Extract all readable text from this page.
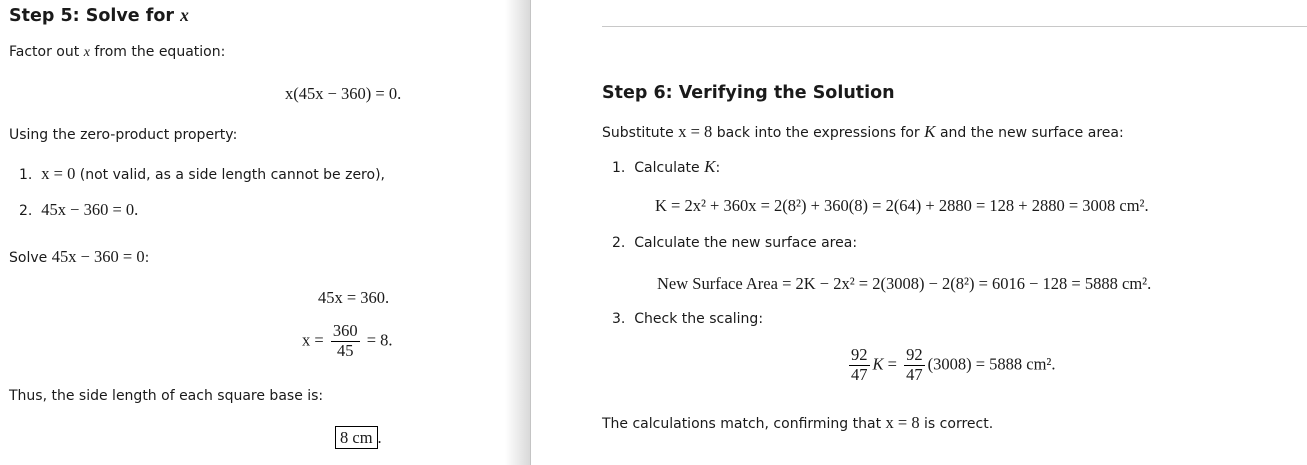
Step 5: Solve for x
Factor out x from the equation:
x(45x − 360) = 0.
Using the zero-product property:
1. x = 0 (not valid, as a side length cannot be zero),
2. 45x − 360 = 0.
Solve 45x − 360 = 0:
45x = 360.
$x = \frac{360}{45} = 8$.
Thus, the side length of each square base is:
8 cm .
Step 6: Verifying the Solution
Substitute x = 8 back into the expressions for K and the new surface area:
1. Calculate K:
K = 2x² + 360x = 2(8²) + 360(8) = 2(64) + 2880 = 128 + 2880 = 3008 cm².
2. Calculate the new surface area:
New Surface Area = 2K − 2x² = 2(3008) − 2(8²) = 6016 − 128 = 5888 cm².
3. Check the scaling:
$\frac{92}{47}$ $K = \frac{92}{47} (3008) = 5888$ cm².
The calculations match, confirming that x = 8 is correct.
